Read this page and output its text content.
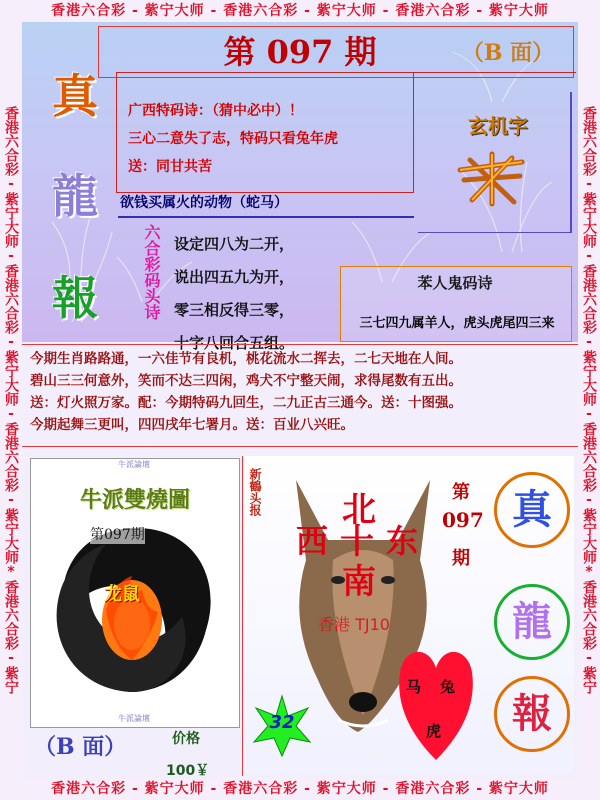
香港六合彩 - 紫宁大师 - 香港六合彩 - 紫宁大师 - 香港六合彩 - 紫宁大师
香港六合彩 - 紫宁大师 - 香港六合彩 - 紫宁大师 - 香港六合彩 - 紫宁大师
香港六合彩-紫宁大师-香港六合彩-紫宁大师-香港六合彩-紫宁大师*香港六合彩-紫宁	香港六合彩-紫宁大师-香港六合彩-紫宁大师-香港六合彩-紫宁大师*香港六合彩-紫宁
第 097 期	（B 面）
真
龍
報
广西特码诗：（猜中必中）！
三心二意失了志，特码只看兔年虎
送：同甘共苦
玄机字
欲钱买属火的动物（蛇马）
六合彩码头诗 设定四八为二开，
说出四五九为开，
零三相反得三零，
十字八回合五组。
苯人鬼码诗
三七四九属羊人，虎头虎尾四三来
今期生肖路路通，一六佳节有良机，桃花流水二挥去，二七天地在人间。
碧山三三何意外，笑而不达三四闲，鸡犬不宁整天闹，求得尾数有五出。
送：灯火照万家。配：今期特码九回生，二九正古三通今。送：十图强。
今期起舞三更叫，四四戌年七署月。送：百业八兴旺。
牛派論壇
牛派論壇
牛派雙燒圖
第097期
龙鼠
（B 面）	价格
100￥
新鶴头报 北
西 十 东
南
香港 TJ10
第
097
期
32
马 兔
虎
真
龍
報
